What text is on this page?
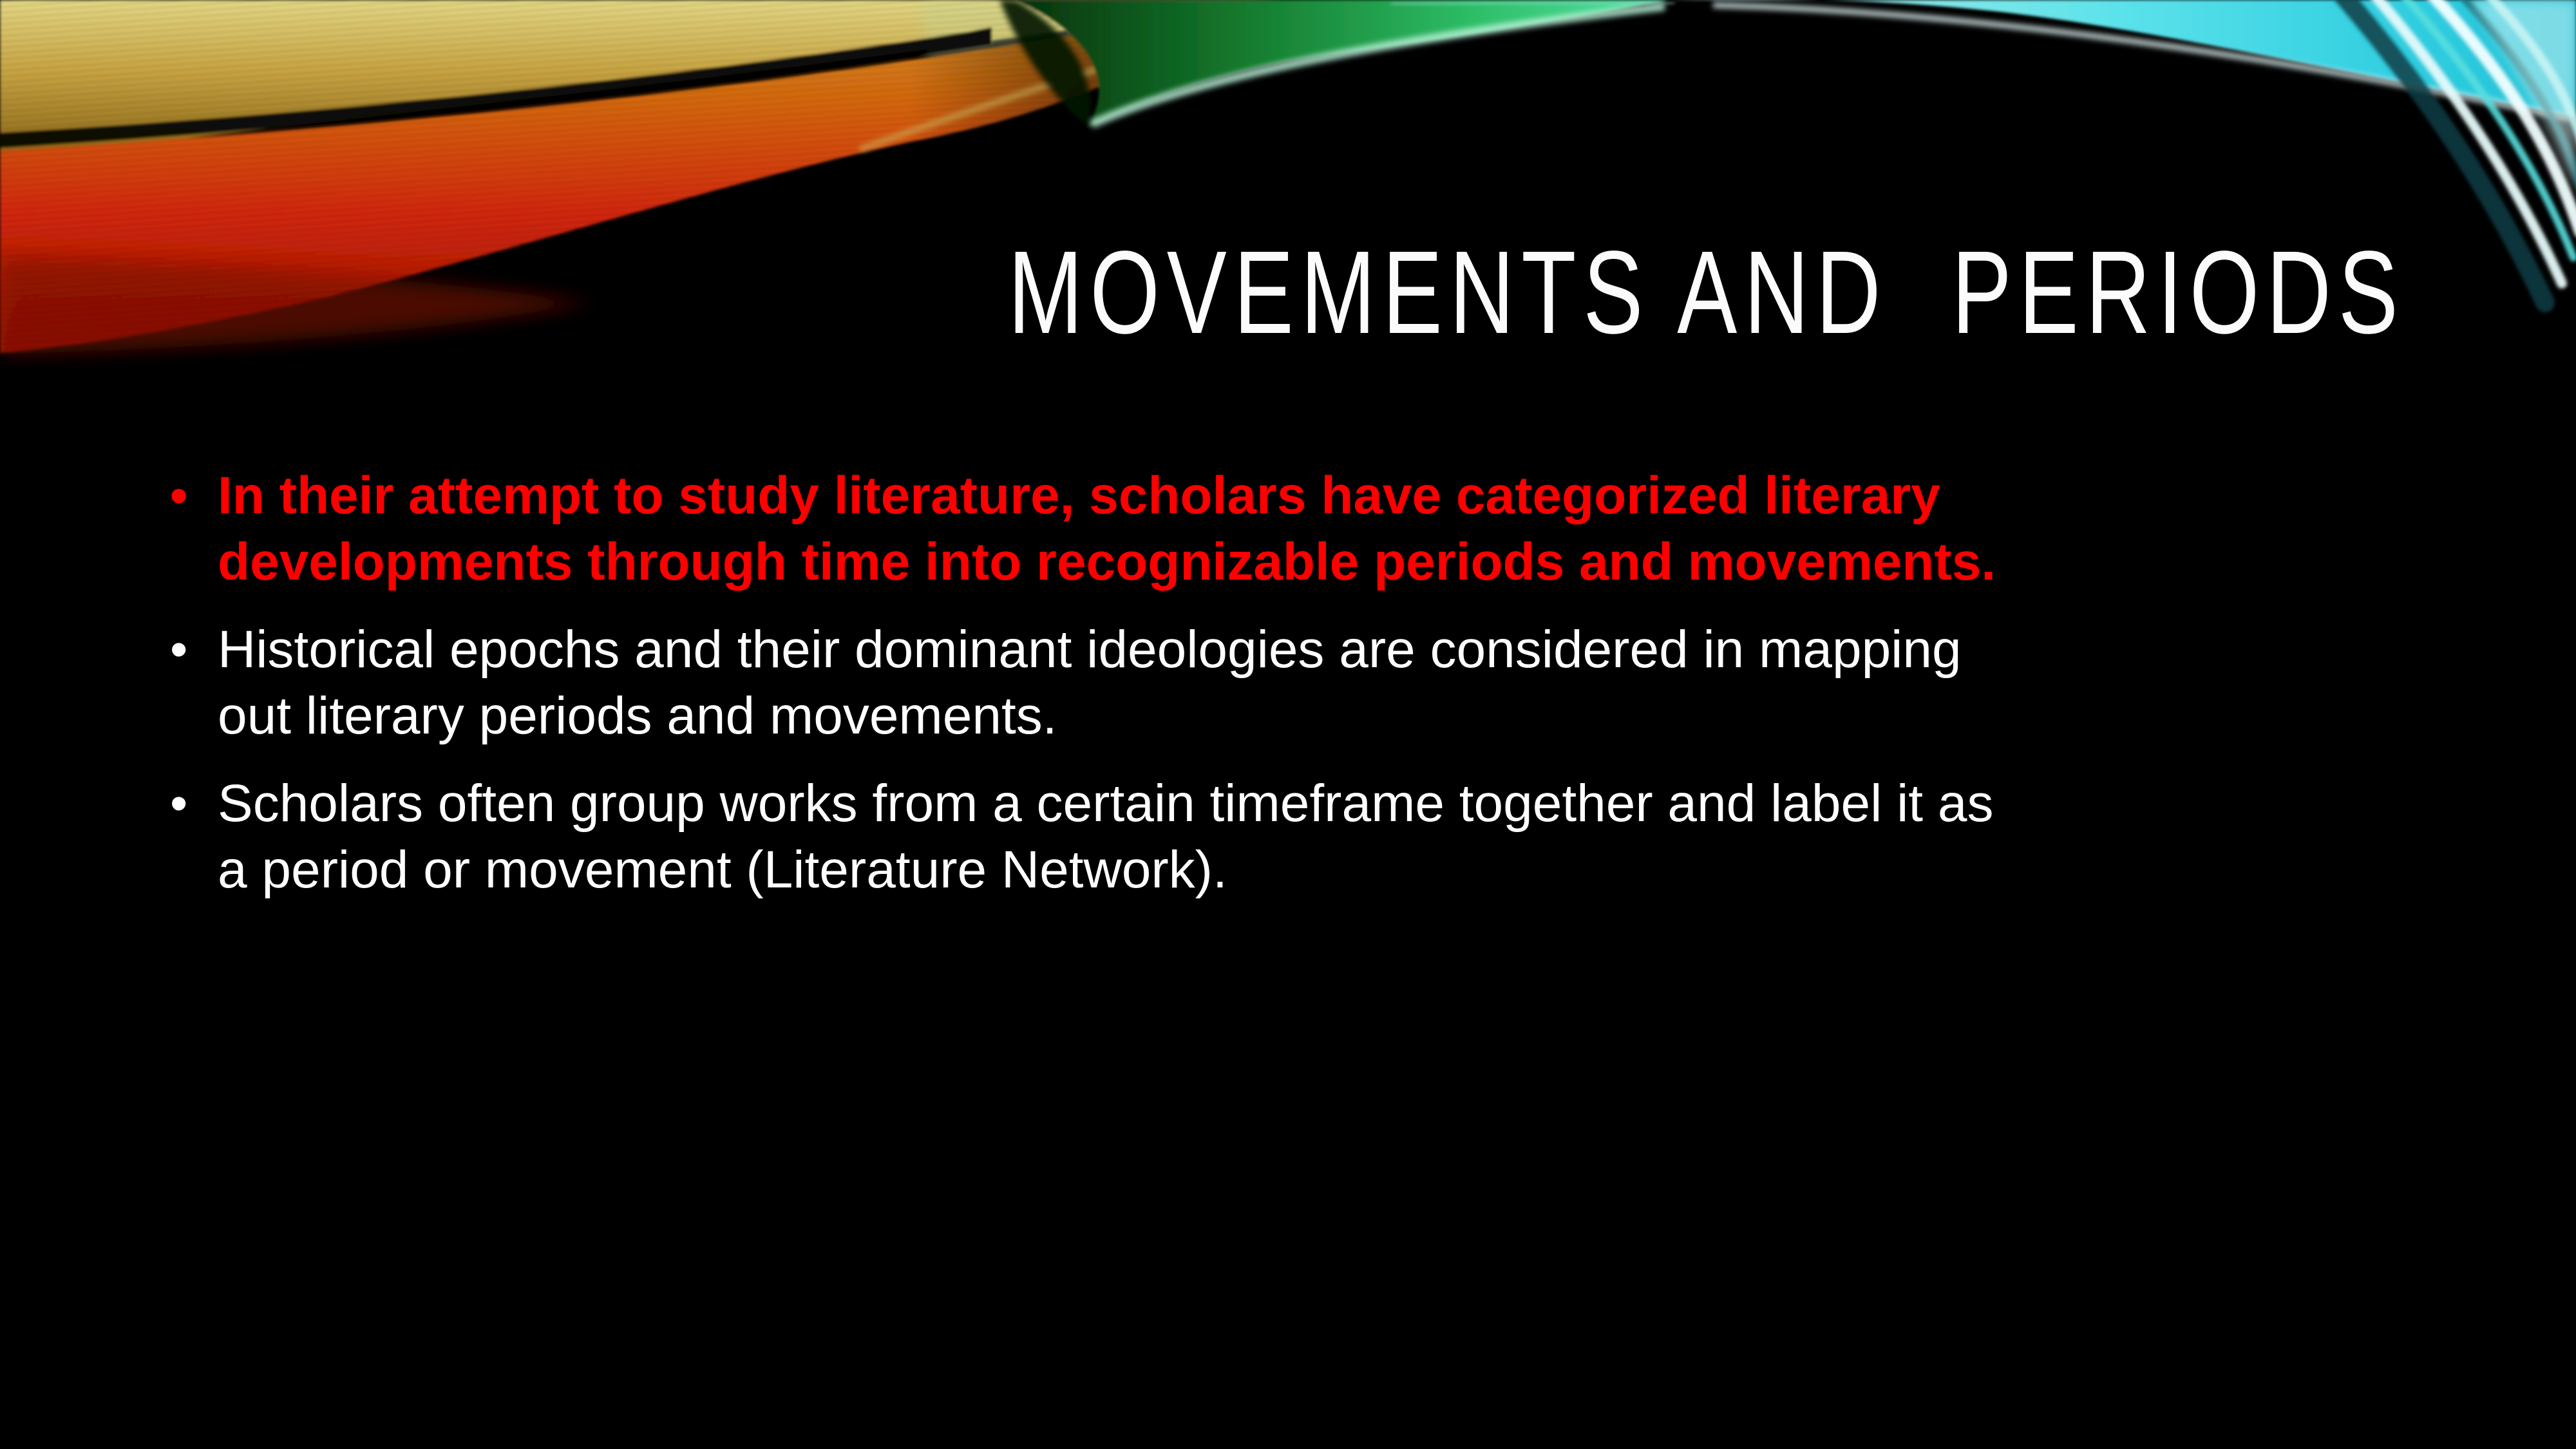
MOVEMENTS AND  PERIODS
• In their attempt to study literature, scholars have categorized literary
developments through time into recognizable periods and movements.
• Historical epochs and their dominant ideologies are considered in mapping
out literary periods and movements.
• Scholars often group works from a certain timeframe together and label it as
a period or movement (Literature Network).
